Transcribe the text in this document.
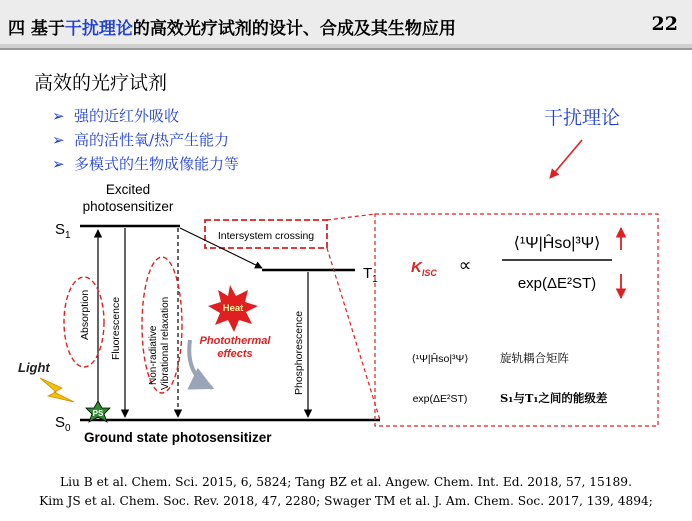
四 基于干扰理论的高效光疗试剂的设计、合成及其生物应用	22
高效的光疗试剂
➢ 强的近红外吸收
➢ 高的活性氧/热产生能力
➢ 多模式的生物成像能力等
干扰理论
Excited
photosensitizer
$S_1$	Intersystem crossing
$T_1$
$S_0$
Absorption Fluorescence	Non-radiative Vibrational relaxation	Phosphorescence
Heat
Photothermal
effects
Light
PS
Ground state photosensitizer
$K_{ISC}$ ∝
⟨¹Ψ|Ĥso|³Ψ⟩
exp(ΔE²ST)
⟨¹Ψ|Ĥso|³Ψ⟩	旋轨耦合矩阵
exp(ΔE²ST)	S₁与T₁之间的能级差
Liu B et al. Chem. Sci. 2015, 6, 5824; Tang BZ et al. Angew. Chem. Int. Ed. 2018, 57, 15189.
Kim JS et al. Chem. Soc. Rev. 2018, 47, 2280; Swager TM et al. J. Am. Chem. Soc. 2017, 139, 4894;
